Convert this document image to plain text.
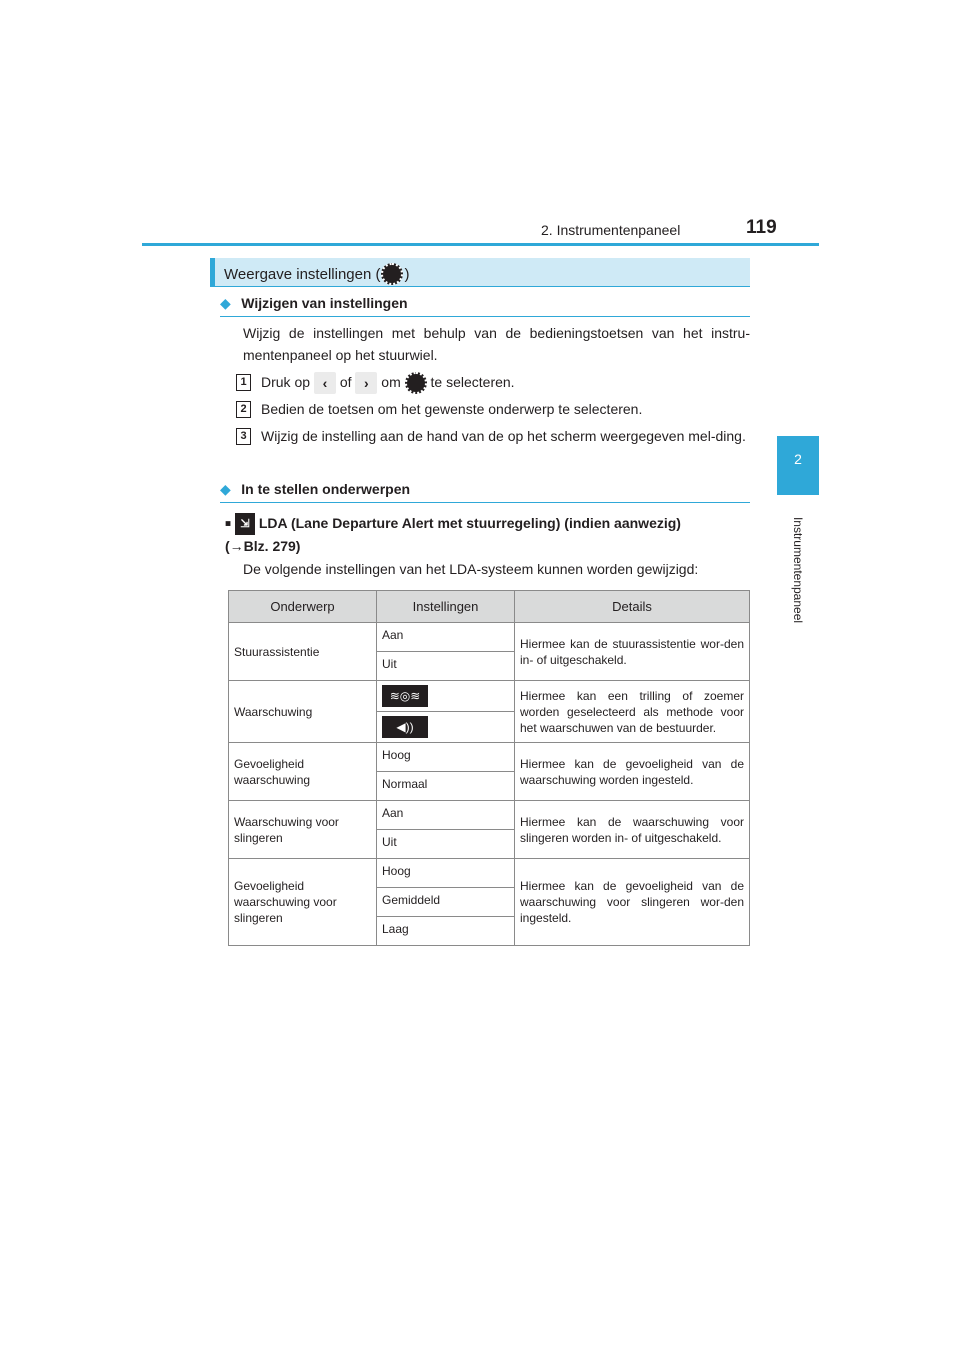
2. Instrumentenpaneel	119
2
Instrumentenpaneel
Weergave instellingen ( )
◆ Wijzigen van instellingen
Wijzig de instellingen met behulp van de bedieningstoetsen van het instru-mentenpaneel op het stuurwiel.
1	Druk op ‹ of › om te selecteren.
2	Bedien de toetsen om het gewenste onderwerp te selecteren.
3	Wijzig de instelling aan de hand van de op het scherm weergegeven mel-ding.
◆ In te stellen onderwerpen
■ ⇲ LDA (Lane Departure Alert met stuurregeling) (indien aanwezig)
(→Blz. 279)
De volgende instellingen van het LDA-systeem kunnen worden gewijzigd:
Onderwerp	Instellingen	Details
Stuurassistentie	Aan	Hiermee kan de stuurassistentie wor-den in- of uitgeschakeld.
	Uit	
Waarschuwing	≋◎≋	Hiermee kan een trilling of zoemer worden geselecteerd als methode voor het waarschuwen van de bestuurder.
	◀))	
Gevoeligheid waarschuwing	Hoog	Hiermee kan de gevoeligheid van de waarschuwing worden ingesteld.
	Normaal	
Waarschuwing voor slingeren	Aan	Hiermee kan de waarschuwing voor slingeren worden in- of uitgeschakeld.
	Uit	
Gevoeligheid waarschuwing voor slingeren	Hoog	Hiermee kan de gevoeligheid van de waarschuwing voor slingeren wor-den ingesteld.
	Gemiddeld	
	Laag	
